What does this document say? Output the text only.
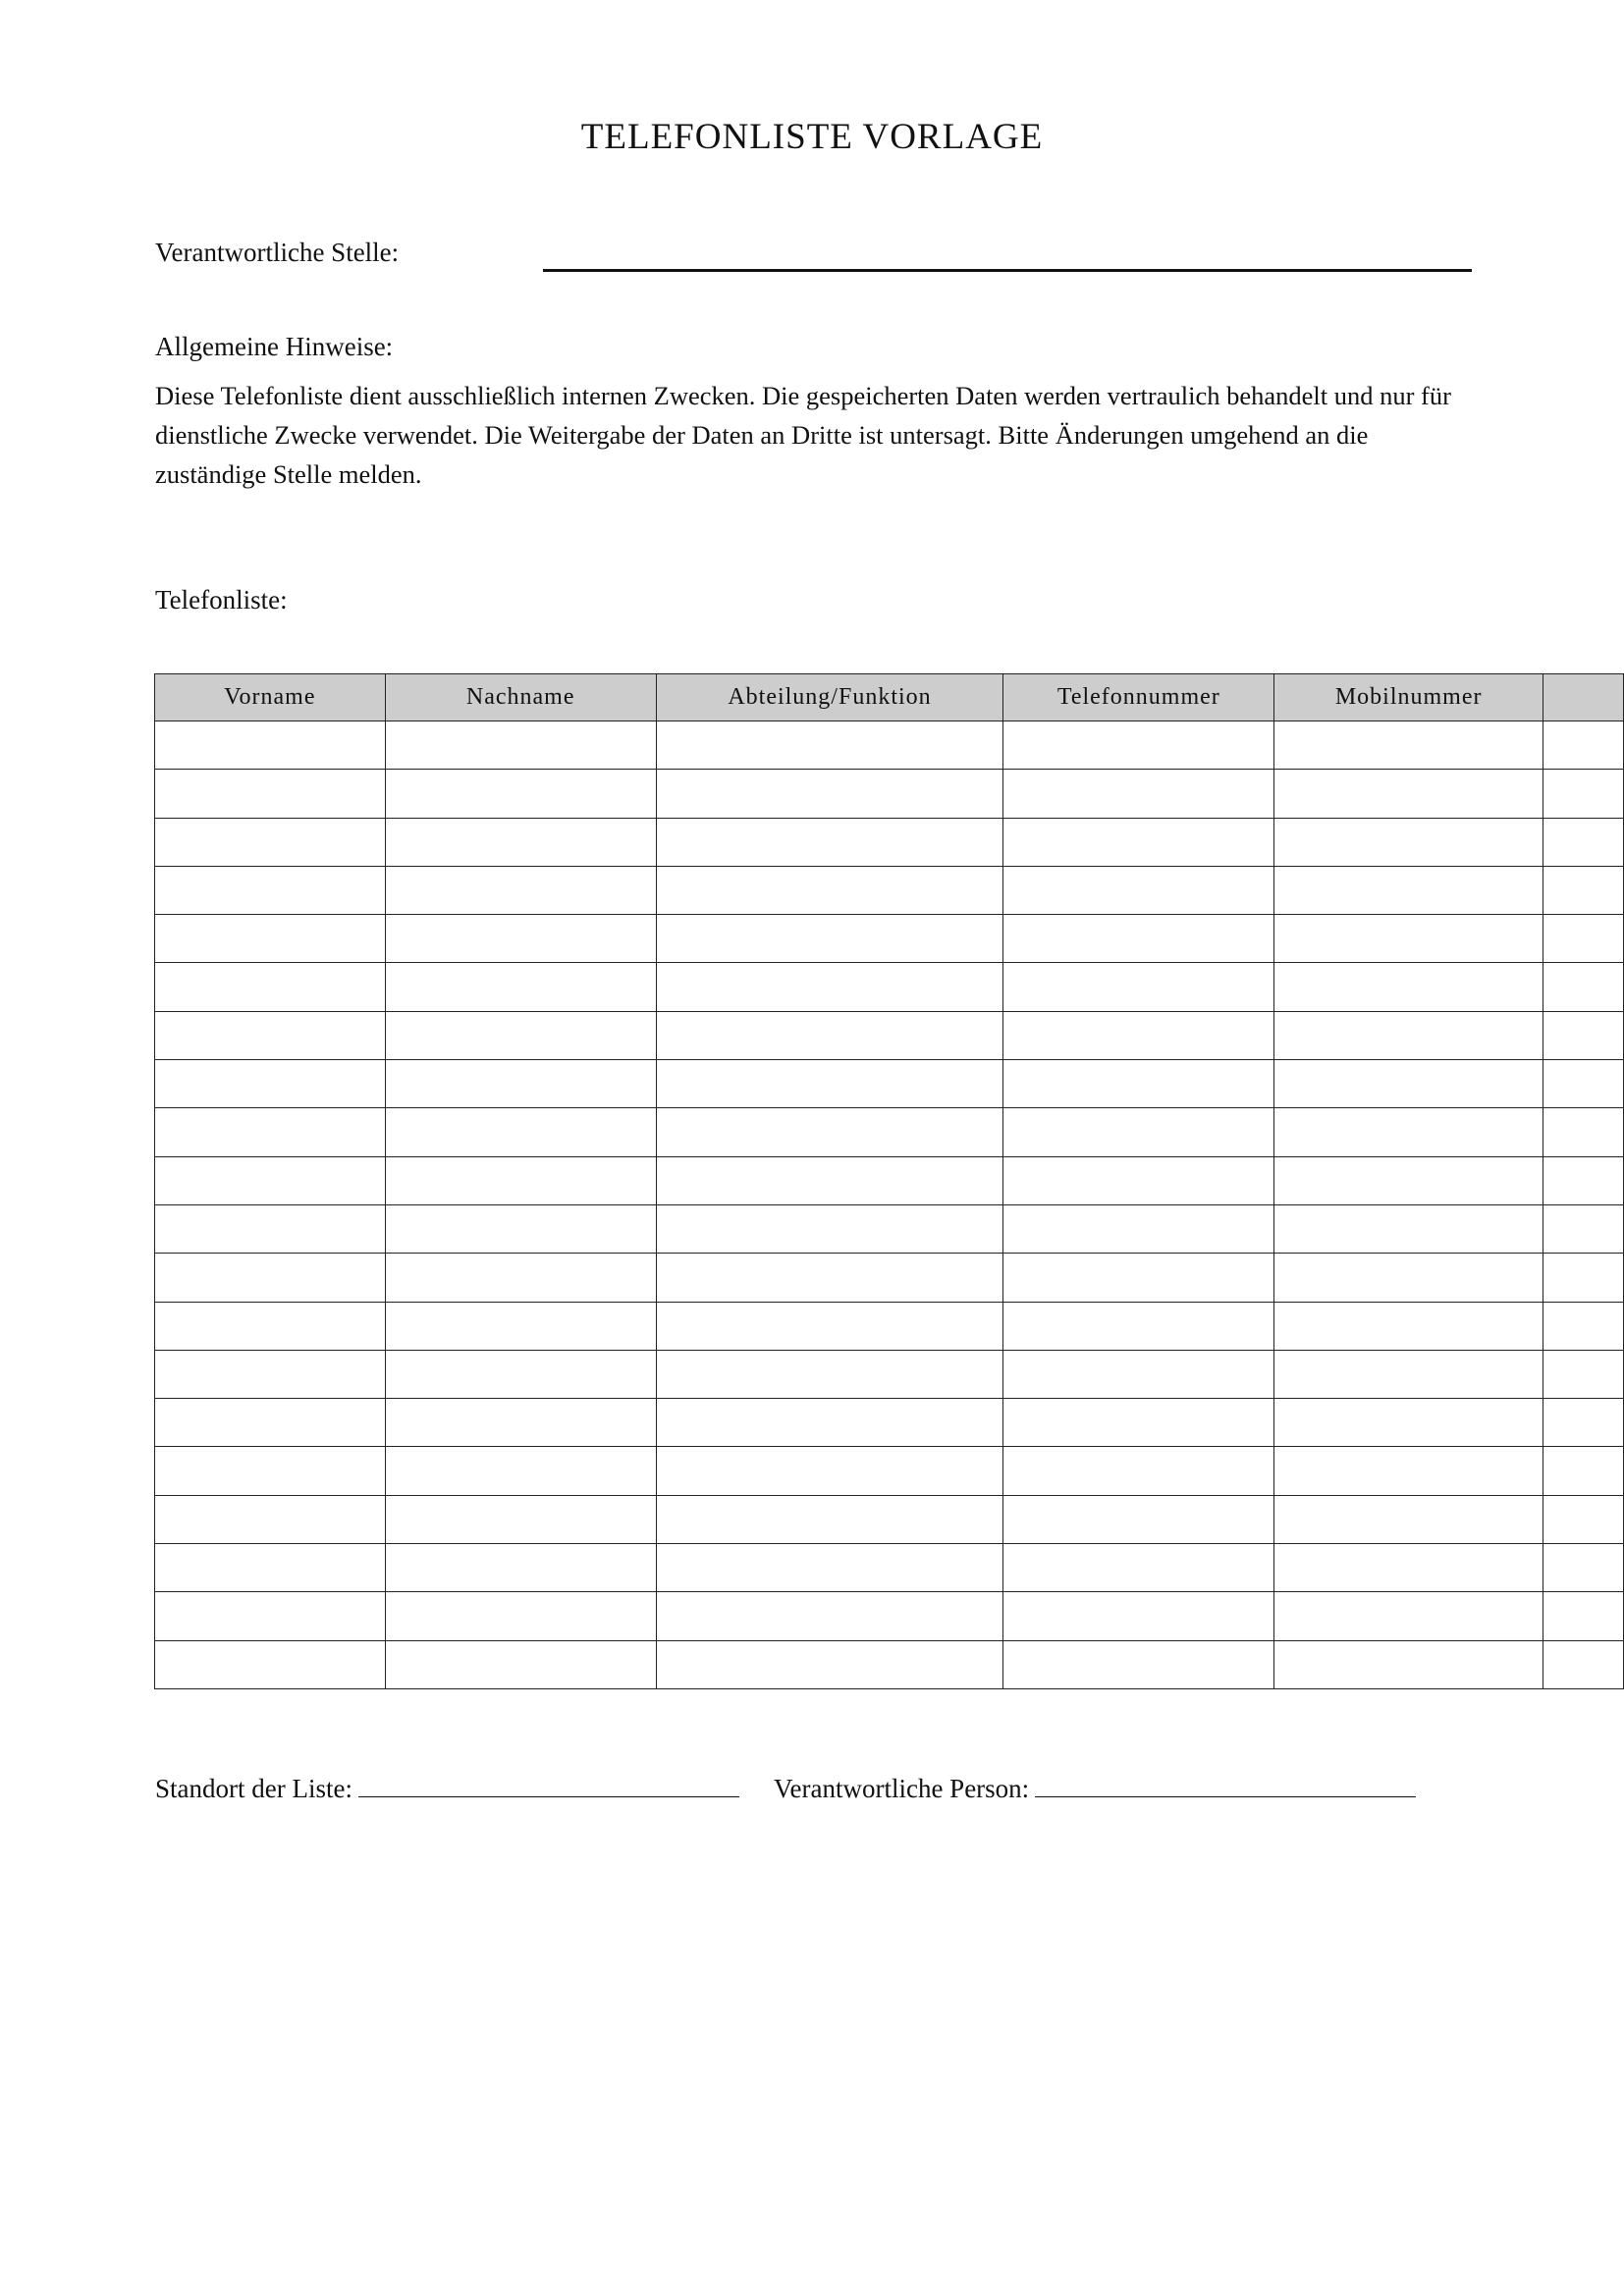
TELEFONLISTE VORLAGE
Verantwortliche Stelle:
Allgemeine Hinweise:
Diese Telefonliste dient ausschließlich internen Zwecken. Die gespeicherten Daten werden vertraulich behandelt und nur für dienstliche Zwecke verwendet. Die Weitergabe der Daten an Dritte ist untersagt. Bitte Änderungen umgehend an die zuständige Stelle melden.
Telefonliste:
Vorname	Nachname	Abteilung/Funktion	Telefonnummer	Mobilnummer	

Standort der Liste:	Verantwortliche Person:
